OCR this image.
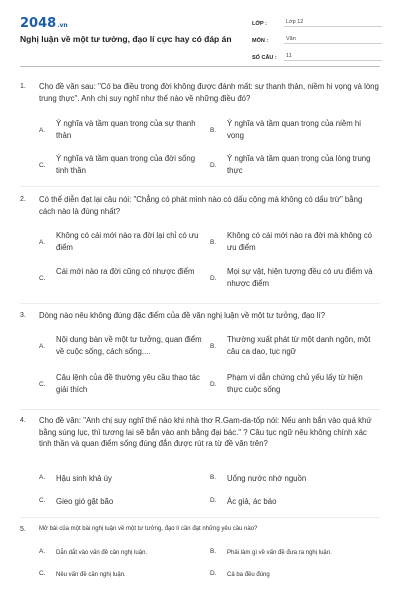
2048.vn
Nghị luận về một tư tưởng, đạo lí cực hay có đáp án
LỚP :	Lớp 12
MÔN :	Văn
SỐ CÂU :	11
1. Cho đề văn sau: "Có ba điều trong đời không được đánh mất: sự thanh thản, niềm hi vọng và lòng trung thực". Anh chị suy nghĩ như thế nào về những điều đó?
A.
Ý nghĩa và tầm quan trọng của sự thanh thản	B.
Ý nghĩa và tầm quan trọng của niềm hi vọng
C.
Ý nghĩa và tầm quan trọng của đời sống tinh thần	D.
Ý nghĩa và tầm quan trọng của lòng trung thực
2. Có thể diễn đạt lại câu nói: "Chẳng có phát minh nào có dấu cộng mà không có dấu trừ" bằng cách nào là đúng nhất?
A.
Không có cái mới nào ra đời lại chỉ có ưu điểm	B.
Không có cái mới nào ra đời mà không có ưu điểm
C.
Cái mới nào ra đời cũng có nhược điểm
D.
Mọi sự vật, hiện tượng đều có ưu điểm và nhược điểm
3. Dòng nào nêu không đúng đặc điểm của đề văn nghị luận về một tư tưởng, đạo lí?
A.
Nội dung bàn về một tư tưởng, quan điểm về cuộc sống, cách sống....	B.
Thường xuất phát từ một danh ngôn, một câu ca dao, tục ngữ
C.
Câu lệnh của đề thường yêu cầu thao tác giải thích	D.
Phạm vi dẫn chứng chủ yếu lấy từ hiện thực cuộc sống
4. Cho đề văn: "Anh chị suy nghĩ thế nào khi nhà thơ R.Gam-da-tốp nói: Nếu anh bắn vào quá khứ bằng súng lục, thì tương lai sẽ bắn vào anh bằng đại bác." ? Câu tục ngữ nêu không chính xác tinh thần và quan điểm sống đúng đắn được rút ra từ đề văn trên?
A. Hậu sinh khả úy	B. Uống nước nhớ nguồn
C. Gieo gió gặt bão	D. Ác giả, ác báo
5. Mở bài của một bài nghị luận về một tư tưởng, đạo lí cần đạt những yêu cầu nào?
A. Dẫn dắt vào vấn đề cần nghị luận.	B. Phải làm gì về vấn đề đưa ra nghị luận.
C. Nêu vấn đề cần nghị luận.	D. Cả ba đều đúng
